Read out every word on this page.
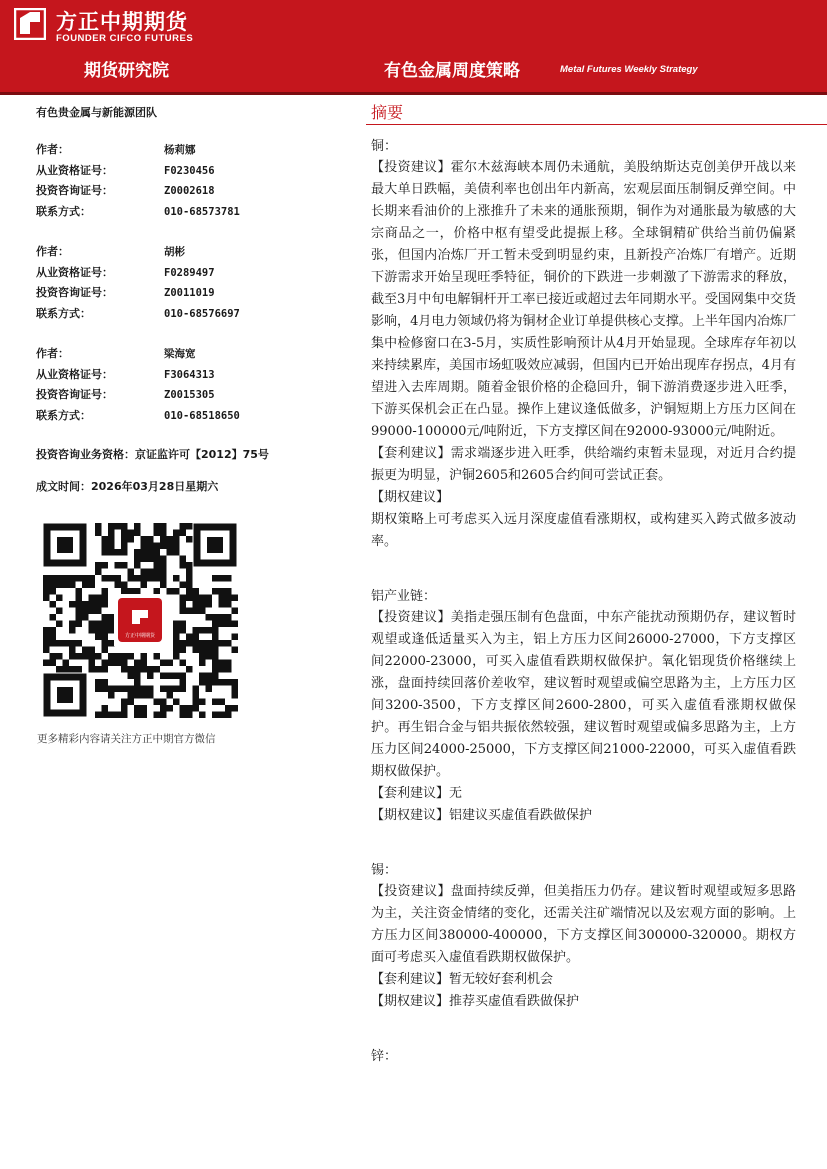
方正中期期货
FOUNDER CIFCO FUTURES
期货研究院	有色金属周度策略	Metal Futures Weekly Strategy
有色贵金属与新能源团队
作者：	杨莉娜
从业资格证号：	F0230456
投资咨询证号：	Z0002618
联系方式：	010-68573781
作者：	胡彬
从业资格证号：	F0289497
投资咨询证号：	Z0011019
联系方式：	010-68576697
作者：	梁海宽
从业资格证号：	F3064313
投资咨询证号：	Z0015305
联系方式：	010-68518650
投资咨询业务资格：京证监许可【2012】75号
成文时间：2026年03月28日星期六
方正中期期货
更多精彩内容请关注方正中期官方微信
摘要
铜：

【投资建议】霍尔木兹海峡本周仍未通航，美股纳斯达克创美伊开战以来最大单日跌幅，美债利率也创出年内新高，宏观层面压制铜反弹空间。中长期来看油价的上涨推升了未来的通胀预期，铜作为对通胀最为敏感的大宗商品之一，价格中枢有望受此提振上移。全球铜精矿供给当前仍偏紧张，但国内冶炼厂开工暂未受到明显约束，且新投产冶炼厂有增产。近期下游需求开始呈现旺季特征，铜价的下跌进一步刺激了下游需求的释放，截至3月中旬电解铜杆开工率已接近或超过去年同期水平。受国网集中交货影响，4月电力领域仍将为铜材企业订单提供核心支撑。上半年国内冶炼厂集中检修窗口在3-5月，实质性影响预计从4月开始显现。全球库存年初以来持续累库，美国市场虹吸效应减弱，但国内已开始出现库存拐点，4月有望进入去库周期。随着金银价格的企稳回升，铜下游消费逐步进入旺季，下游买保机会正在凸显。操作上建议逢低做多，沪铜短期上方压力区间在99000-100000元/吨附近，下方支撑区间在92000-93000元/吨附近。

【套利建议】需求端逐步进入旺季，供给端约束暂未显现，对近月合约提振更为明显，沪铜2605和2605合约间可尝试正套。

【期权建议】

期权策略上可考虑买入远月深度虚值看涨期权，或构建买入跨式做多波动率。

铝产业链：

【投资建议】美指走强压制有色盘面，中东产能扰动预期仍存，建议暂时观望或逢低适量买入为主，铝上方压力区间26000-27000，下方支撑区间22000-23000，可买入虚值看跌期权做保护。氧化铝现货价格继续上涨，盘面持续回落价差收窄，建议暂时观望或偏空思路为主，上方压力区间3200-3500，下方支撑区间2600-2800，可买入虚值看涨期权做保护。再生铝合金与铝共振依然较强，建议暂时观望或偏多思路为主，上方压力区间24000-25000，下方支撑区间21000-22000，可买入虚值看跌期权做保护。

【套利建议】无

【期权建议】铝建议买虚值看跌做保护

锡：

【投资建议】盘面持续反弹，但美指压力仍存。建议暂时观望或短多思路为主，关注资金情绪的变化，还需关注矿端情况以及宏观方面的影响。上方压力区间380000-400000，下方支撑区间300000-320000。期权方面可考虑买入虚值看跌期权做保护。

【套利建议】暂无较好套利机会

【期权建议】推荐买虚值看跌做保护

锌：
